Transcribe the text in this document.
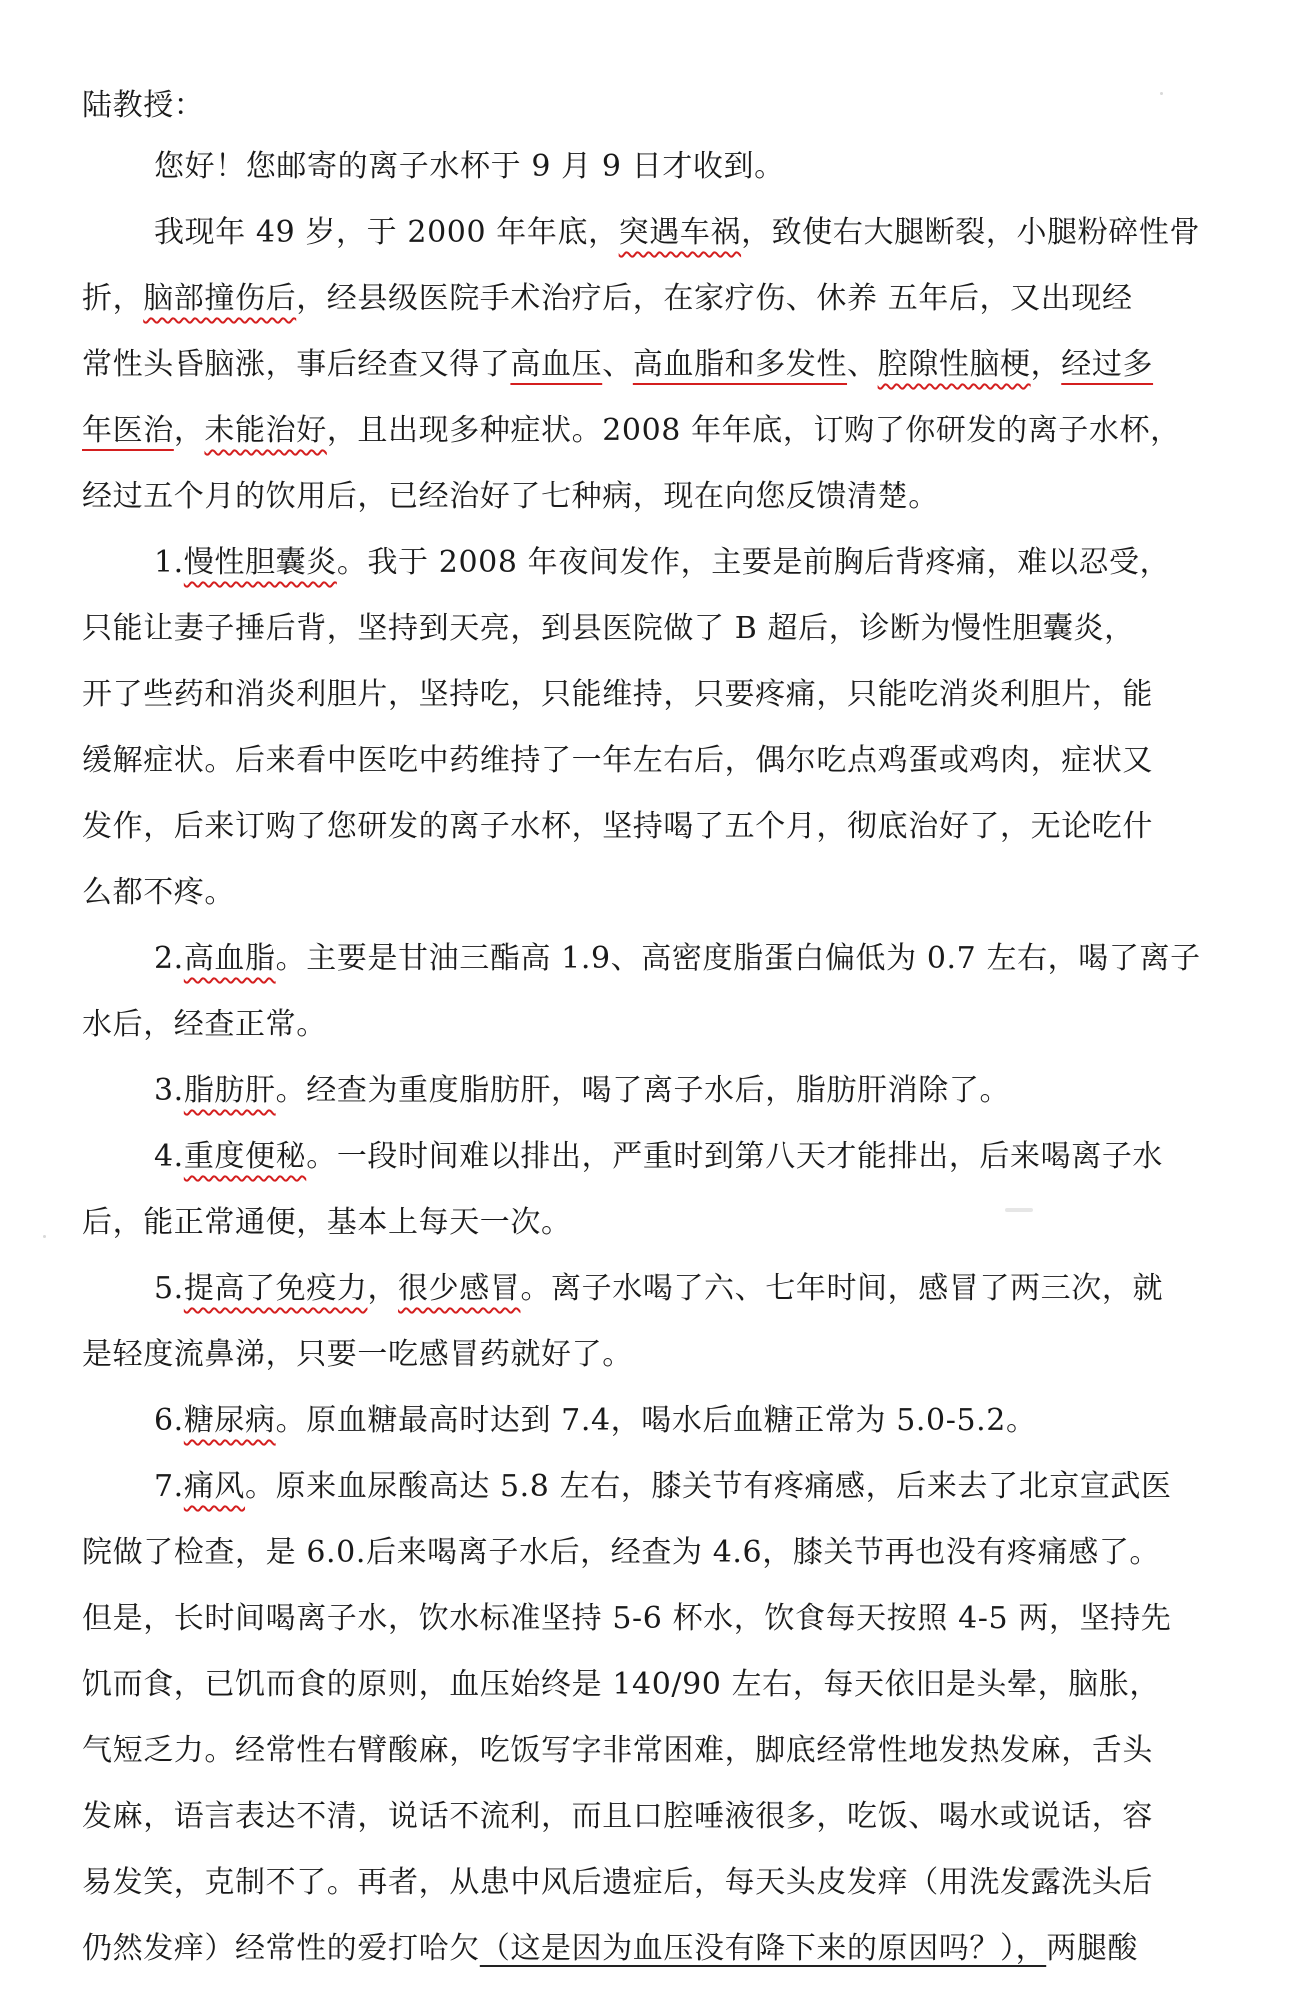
陆教授：
您好！您邮寄的离子水杯于 9 月 9 日才收到。
我现年 49 岁，于 2000 年年底，突遇车祸，致使右大腿断裂，小腿粉碎性骨
折，脑部撞伤后，经县级医院手术治疗后，在家疗伤、休养 五年后，又出现经
常性头昏脑涨，事后经查又得了高血压、高血脂和多发性、腔隙性脑梗，经过多
年医治，未能治好，且出现多种症状。2008 年年底，订购了你研发的离子水杯，
经过五个月的饮用后，已经治好了七种病，现在向您反馈清楚。
1.慢性胆囊炎。我于 2008 年夜间发作，主要是前胸后背疼痛，难以忍受，
只能让妻子捶后背，坚持到天亮，到县医院做了 B 超后，诊断为慢性胆囊炎，
开了些药和消炎利胆片，坚持吃，只能维持，只要疼痛，只能吃消炎利胆片，能
缓解症状。后来看中医吃中药维持了一年左右后，偶尔吃点鸡蛋或鸡肉，症状又
发作，后来订购了您研发的离子水杯，坚持喝了五个月，彻底治好了，无论吃什
么都不疼。
2.高血脂。主要是甘油三酯高 1.9、高密度脂蛋白偏低为 0.7 左右，喝了离子
水后，经查正常。
3.脂肪肝。经查为重度脂肪肝，喝了离子水后，脂肪肝消除了。
4.重度便秘。一段时间难以排出，严重时到第八天才能排出，后来喝离子水
后，能正常通便，基本上每天一次。
5.提高了免疫力，很少感冒。离子水喝了六、七年时间，感冒了两三次，就
是轻度流鼻涕，只要一吃感冒药就好了。
6.糖尿病。原血糖最高时达到 7.4，喝水后血糖正常为 5.0-5.2。
7.痛风。原来血尿酸高达 5.8 左右，膝关节有疼痛感，后来去了北京宣武医
院做了检查，是 6.0.后来喝离子水后，经查为 4.6，膝关节再也没有疼痛感了。
但是，长时间喝离子水，饮水标准坚持 5-6 杯水，饮食每天按照 4-5 两，坚持先
饥而食，已饥而食的原则，血压始终是 140/90 左右，每天依旧是头晕，脑胀，
气短乏力。经常性右臂酸麻，吃饭写字非常困难，脚底经常性地发热发麻，舌头
发麻，语言表达不清，说话不流利，而且口腔唾液很多，吃饭、喝水或说话，容
易发笑，克制不了。再者，从患中风后遗症后，每天头皮发痒（用洗发露洗头后
仍然发痒）经常性的爱打哈欠（这是因为血压没有降下来的原因吗？），两腿酸
